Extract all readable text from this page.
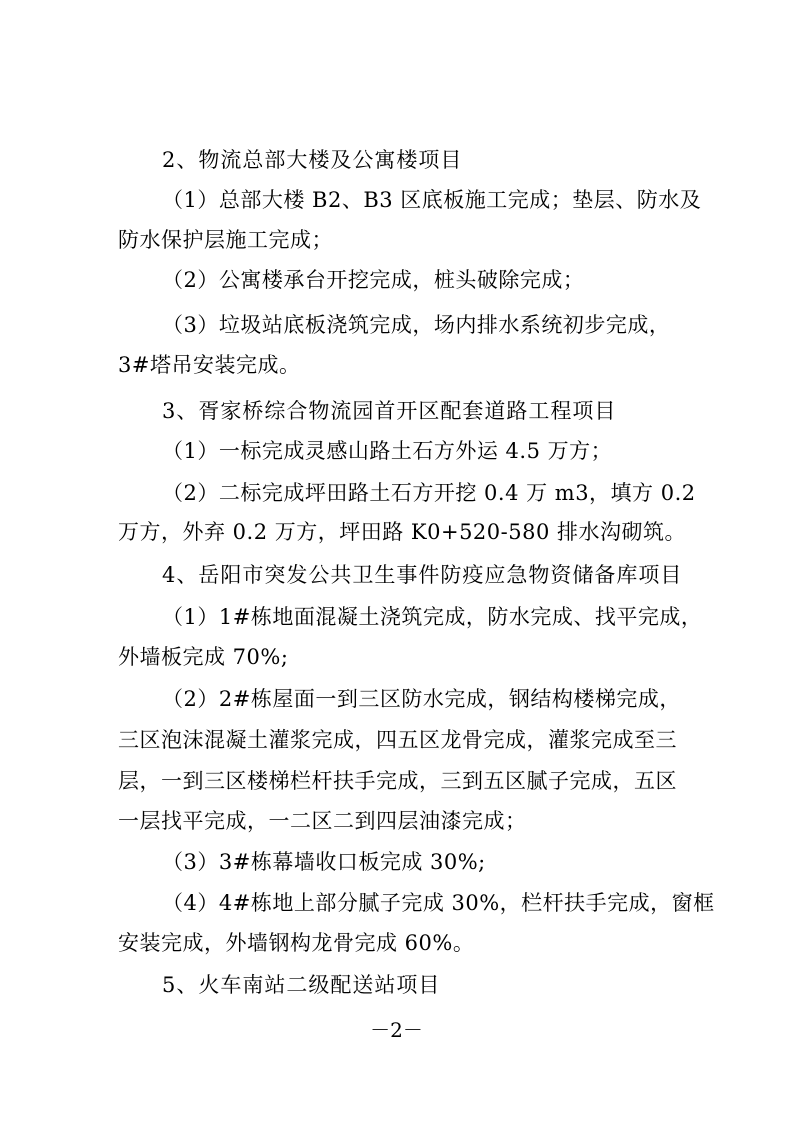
2、物流总部大楼及公寓楼项目
（1）总部大楼 B2、B3 区底板施工完成；垫层、防水及
防水保护层施工完成；
（2）公寓楼承台开挖完成，桩头破除完成；
（3）垃圾站底板浇筑完成，场内排水系统初步完成，
3#塔吊安装完成。
3、胥家桥综合物流园首开区配套道路工程项目
（1）一标完成灵感山路土石方外运 4.5 万方；
（2）二标完成坪田路土石方开挖 0.4 万 m3，填方 0.2
万方，外弃 0.2 万方，坪田路 K0+520-580 排水沟砌筑。
4、岳阳市突发公共卫生事件防疫应急物资储备库项目
（1）1#栋地面混凝土浇筑完成，防水完成、找平完成，
外墙板完成 70%;
（2）2#栋屋面一到三区防水完成，钢结构楼梯完成，
三区泡沫混凝土灌浆完成，四五区龙骨完成，灌浆完成至三
层，一到三区楼梯栏杆扶手完成，三到五区腻子完成，五区
一层找平完成，一二区二到四层油漆完成；
（3）3#栋幕墙收口板完成 30%;
（4）4#栋地上部分腻子完成 30%，栏杆扶手完成，窗框
安装完成，外墙钢构龙骨完成 60%。
5、火车南站二级配送站项目
－2－
